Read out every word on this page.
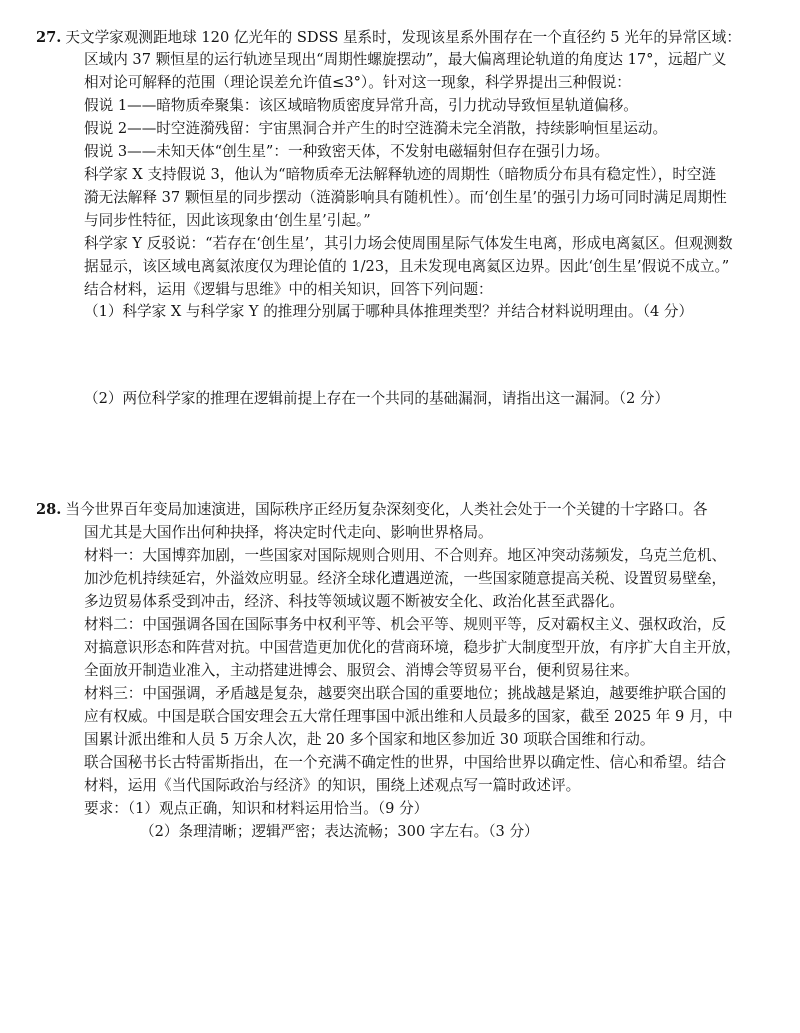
27. 天文学家观测距地球 120 亿光年的 SDSS 星系时，发现该星系外围存在一个直径约 5 光年的异常区域：
区域内 37 颗恒星的运行轨迹呈现出“周期性螺旋摆动”，最大偏离理论轨道的角度达 17°，远超广义
相对论可解释的范围（理论误差允许值≤3°）。针对这一现象，科学界提出三种假说：
假说 1——暗物质牵聚集：该区域暗物质密度异常升高，引力扰动导致恒星轨道偏移。
假说 2——时空涟漪残留：宇宙黑洞合并产生的时空涟漪未完全消散，持续影响恒星运动。
假说 3——未知天体“创生星”：一种致密天体，不发射电磁辐射但存在强引力场。
科学家 X 支持假说 3，他认为“暗物质牵无法解释轨迹的周期性（暗物质分布具有稳定性），时空涟
漪无法解释 37 颗恒星的同步摆动（涟漪影响具有随机性）。而‘创生星’的强引力场可同时满足周期性
与同步性特征，因此该现象由‘创生星’引起。”
科学家 Y 反驳说：“若存在‘创生星’，其引力场会使周围星际气体发生电离，形成电离氦区。但观测数
据显示，该区域电离氦浓度仅为理论值的 1/23，且未发现电离氦区边界。因此‘创生星’假说不成立。”
结合材料，运用《逻辑与思维》中的相关知识，回答下列问题：
（1）科学家 X 与科学家 Y 的推理分别属于哪种具体推理类型？并结合材料说明理由。（4 分）
（2）两位科学家的推理在逻辑前提上存在一个共同的基础漏洞，请指出这一漏洞。（2 分）
28. 当今世界百年变局加速演进，国际秩序正经历复杂深刻变化，人类社会处于一个关键的十字路口。各
国尤其是大国作出何种抉择，将决定时代走向、影响世界格局。
材料一：大国博弈加剧，一些国家对国际规则合则用、不合则弃。地区冲突动荡频发，乌克兰危机、
加沙危机持续延宕，外溢效应明显。经济全球化遭遇逆流，一些国家随意提高关税、设置贸易壁垒，
多边贸易体系受到冲击，经济、科技等领域议题不断被安全化、政治化甚至武器化。
材料二：中国强调各国在国际事务中权利平等、机会平等、规则平等，反对霸权主义、强权政治，反
对搞意识形态和阵营对抗。中国营造更加优化的营商环境，稳步扩大制度型开放，有序扩大自主开放，
全面放开制造业准入，主动搭建进博会、服贸会、消博会等贸易平台，便利贸易往来。
材料三：中国强调，矛盾越是复杂，越要突出联合国的重要地位；挑战越是紧迫，越要维护联合国的
应有权威。中国是联合国安理会五大常任理事国中派出维和人员最多的国家，截至 2025 年 9 月，中
国累计派出维和人员 5 万余人次，赴 20 多个国家和地区参加近 30 项联合国维和行动。
联合国秘书长古特雷斯指出，在一个充满不确定性的世界，中国给世界以确定性、信心和希望。结合
材料，运用《当代国际政治与经济》的知识，围绕上述观点写一篇时政述评。
要求：（1）观点正确，知识和材料运用恰当。（9 分）
（2）条理清晰；逻辑严密；表达流畅；300 字左右。（3 分）
